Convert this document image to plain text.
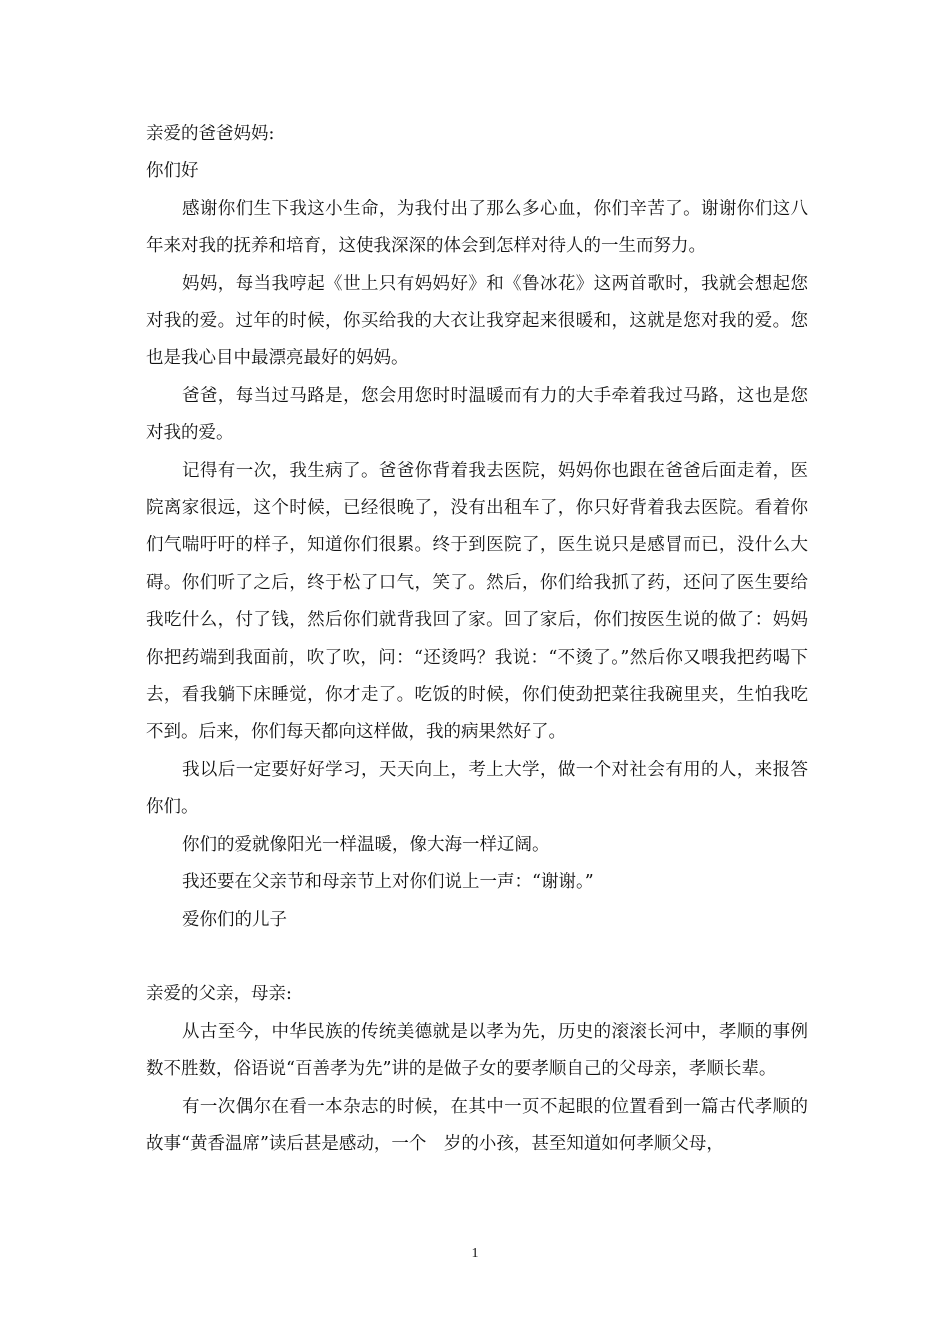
亲爱的爸爸妈妈:
你们好
感谢你们生下我这小生命，为我付出了那么多心血，你们辛苦了。谢谢你们这八年来对我的抚养和培育，这使我深深的体会到怎样对待人的一生而努力。
妈妈，每当我哼起《世上只有妈妈好》和《鲁冰花》这两首歌时，我就会想起您对我的爱。过年的时候，你买给我的大衣让我穿起来很暖和，这就是您对我的爱。您也是我心目中最漂亮最好的妈妈。
爸爸，每当过马路是，您会用您时时温暖而有力的大手牵着我过马路，这也是您对我的爱。
记得有一次，我生病了。爸爸你背着我去医院，妈妈你也跟在爸爸后面走着，医院离家很远，这个时候，已经很晚了，没有出租车了，你只好背着我去医院。看着你们气喘吁吁的样子，知道你们很累。终于到医院了，医生说只是感冒而已，没什么大碍。你们听了之后，终于松了口气，笑了。然后，你们给我抓了药，还问了医生要给我吃什么，付了钱，然后你们就背我回了家。回了家后，你们按医生说的做了：妈妈你把药端到我面前，吹了吹，问：“还烫吗？我说：“不烫了。”然后你又喂我把药喝下去，看我躺下床睡觉，你才走了。吃饭的时候，你们使劲把菜往我碗里夹，生怕我吃不到。后来，你们每天都向这样做，我的病果然好了。
我以后一定要好好学习，天天向上，考上大学，做一个对社会有用的人，来报答你们。
你们的爱就像阳光一样温暖，像大海一样辽阔。
我还要在父亲节和母亲节上对你们说上一声：“谢谢。”
爱你们的儿子
亲爱的父亲，母亲:
从古至今，中华民族的传统美德就是以孝为先，历史的滚滚长河中，孝顺的事例数不胜数，俗语说“百善孝为先”讲的是做子女的要孝顺自己的父母亲，孝顺长辈。
有一次偶尔在看一本杂志的时候，在其中一页不起眼的位置看到一篇古代孝顺的故事“黄香温席”读后甚是感动，一个　岁的小孩，甚至知道如何孝顺父母，
1
